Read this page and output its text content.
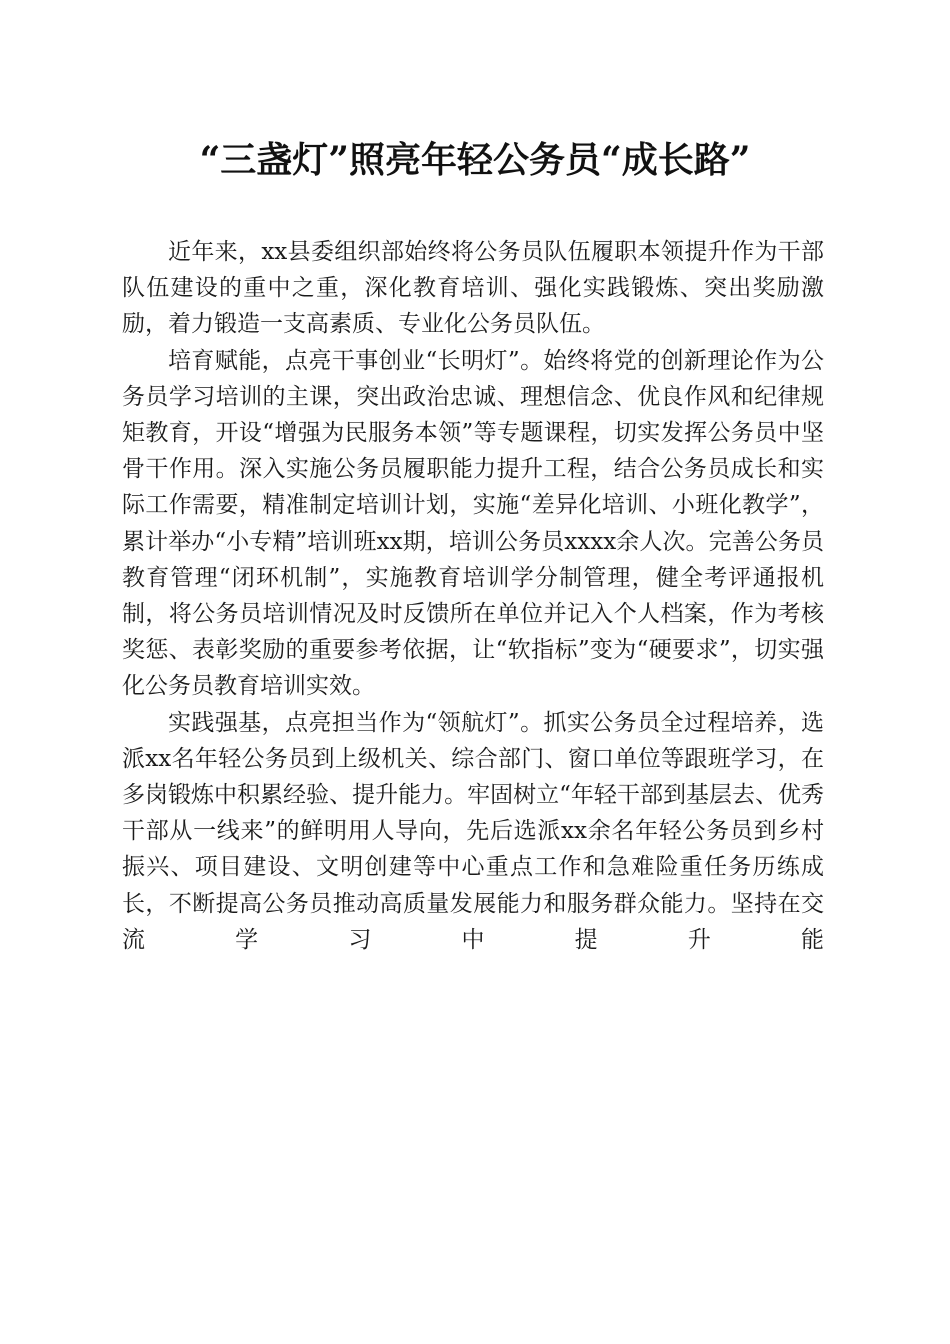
“三盏灯”照亮年轻公务员“成长路”

近年来，xx县委组织部始终将公务员队伍履职本领提升作为干部队伍建设的重中之重，深化教育培训、强化实践锻炼、突出奖励激励，着力锻造一支高素质、专业化公务员队伍。

培育赋能，点亮干事创业“长明灯”。始终将党的创新理论作为公务员学习培训的主课，突出政治忠诚、理想信念、优良作风和纪律规矩教育，开设“增强为民服务本领”等专题课程，切实发挥公务员中坚骨干作用。深入实施公务员履职能力提升工程，结合公务员成长和实际工作需要，精准制定培训计划，实施“差异化培训、小班化教学”，累计举办“小专精”培训班xx期，培训公务员xxxx余人次。完善公务员教育管理“闭环机制”，实施教育培训学分制管理，健全考评通报机制，将公务员培训情况及时反馈所在单位并记入个人档案，作为考核奖惩、表彰奖励的重要参考依据，让“软指标”变为“硬要求”，切实强化公务员教育培训实效。

实践强基，点亮担当作为“领航灯”。抓实公务员全过程培养，选派xx名年轻公务员到上级机关、综合部门、窗口单位等跟班学习，在多岗锻炼中积累经验、提升能力。牢固树立“年轻干部到基层去、优秀干部从一线来”的鲜明用人导向，先后选派xx余名年轻公务员到乡村振兴、项目建设、文明创建等中心重点工作和急难险重任务历练成长，不断提高公务员推动高质量发展能力和服务群众能力。坚持在交流学习中提升能
